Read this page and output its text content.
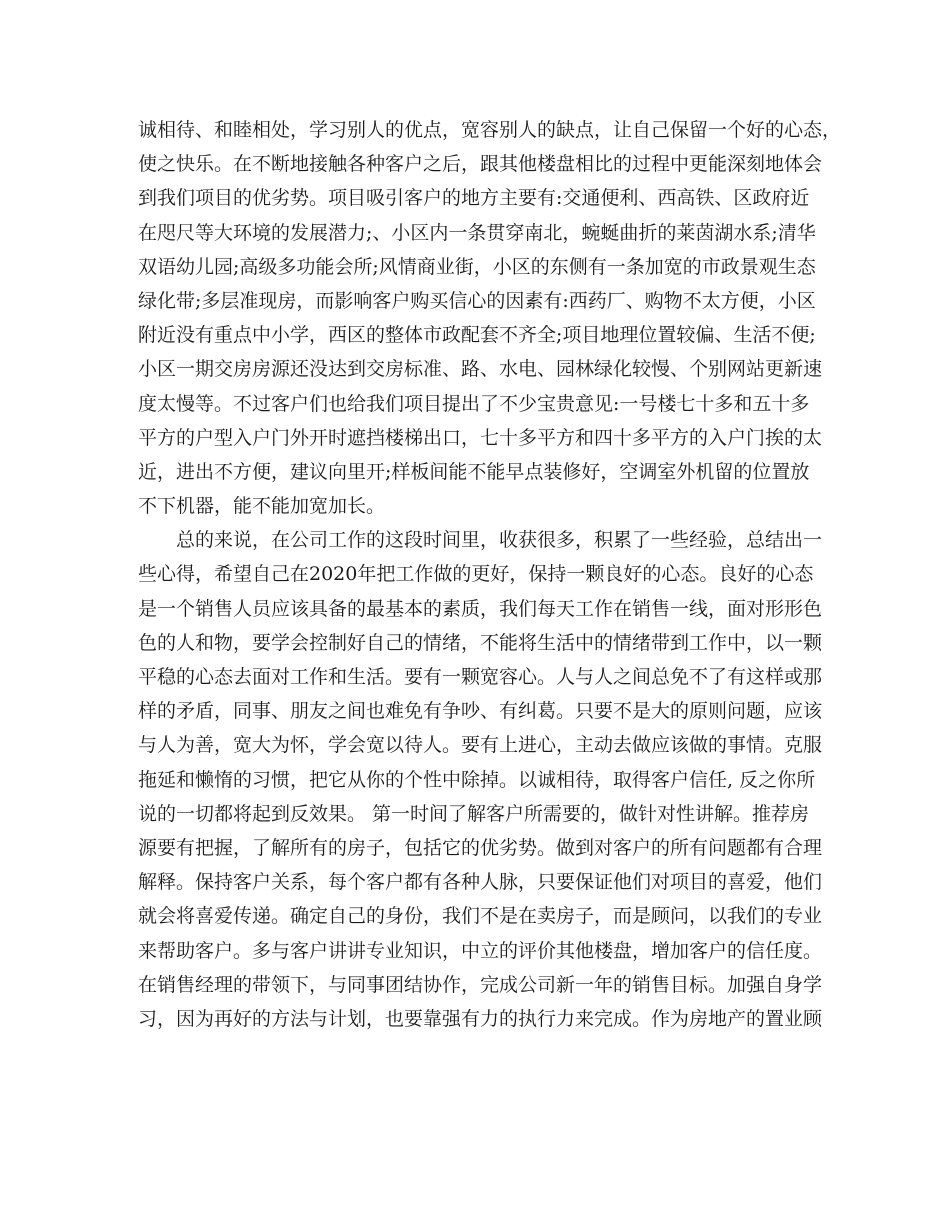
诚相待、和睦相处，学习别人的优点，宽容别人的缺点，让自己保留一个好的心态，
使之快乐。在不断地接触各种客户之后，跟其他楼盘相比的过程中更能深刻地体会
到我们项目的优劣势。项目吸引客户的地方主要有:交通便利、西高铁、区政府近
在咫尺等大环境的发展潜力;、小区内一条贯穿南北，蜿蜒曲折的莱茵湖水系;清华
双语幼儿园;高级多功能会所;风情商业街，小区的东侧有一条加宽的市政景观生态
绿化带;多层准现房，而影响客户购买信心的因素有:西药厂、购物不太方便，小区
附近没有重点中小学，西区的整体市政配套不齐全;项目地理位置较偏、生活不便;
小区一期交房房源还没达到交房标准、路、水电、园林绿化较慢、个别网站更新速
度太慢等。不过客户们也给我们项目提出了不少宝贵意见:一号楼七十多和五十多
平方的户型入户门外开时遮挡楼梯出口，七十多平方和四十多平方的入户门挨的太
近，进出不方便，建议向里开;样板间能不能早点装修好，空调室外机留的位置放
不下机器，能不能加宽加长。
　　总的来说，在公司工作的这段时间里，收获很多，积累了一些经验，总结出一
些心得，希望自己在2020年把工作做的更好，保持一颗良好的心态。良好的心态
是一个销售人员应该具备的最基本的素质，我们每天工作在销售一线，面对形形色
色的人和物，要学会控制好自己的情绪，不能将生活中的情绪带到工作中，以一颗
平稳的心态去面对工作和生活。要有一颗宽容心。人与人之间总免不了有这样或那
样的矛盾，同事、朋友之间也难免有争吵、有纠葛。只要不是大的原则问题，应该
与人为善，宽大为怀，学会宽以待人。要有上进心，主动去做应该做的事情。克服
拖延和懒惰的习惯，把它从你的个性中除掉。以诚相待，取得客户信任, 反之你所
说的一切都将起到反效果。 第一时间了解客户所需要的，做针对性讲解。推荐房
源要有把握，了解所有的房子，包括它的优劣势。做到对客户的所有问题都有合理
解释。保持客户关系，每个客户都有各种人脉，只要保证他们对项目的喜爱，他们
就会将喜爱传递。确定自己的身份，我们不是在卖房子，而是顾问，以我们的专业
来帮助客户。多与客户讲讲专业知识，中立的评价其他楼盘，增加客户的信任度。
在销售经理的带领下，与同事团结协作，完成公司新一年的销售目标。加强自身学
习，因为再好的方法与计划，也要靠强有力的执行力来完成。作为房地产的置业顾
